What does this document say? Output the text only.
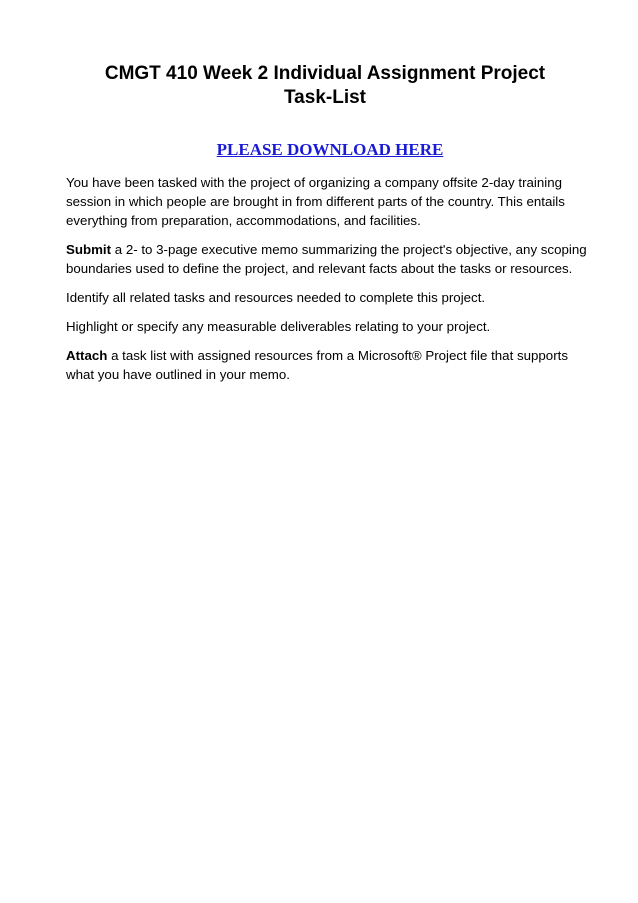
CMGT 410 Week 2 Individual Assignment Project
Task-List
PLEASE DOWNLOAD HERE

You have been tasked with the project of organizing a company offsite 2-day training session in which people are brought in from different parts of the country. This entails everything from preparation, accommodations, and facilities.

Submit a 2- to 3-page executive memo summarizing the project's objective, any scoping boundaries used to define the project, and relevant facts about the tasks or resources.

Identify all related tasks and resources needed to complete this project.

Highlight or specify any measurable deliverables relating to your project.

Attach a task list with assigned resources from a Microsoft® Project file that supports what you have outlined in your memo.
